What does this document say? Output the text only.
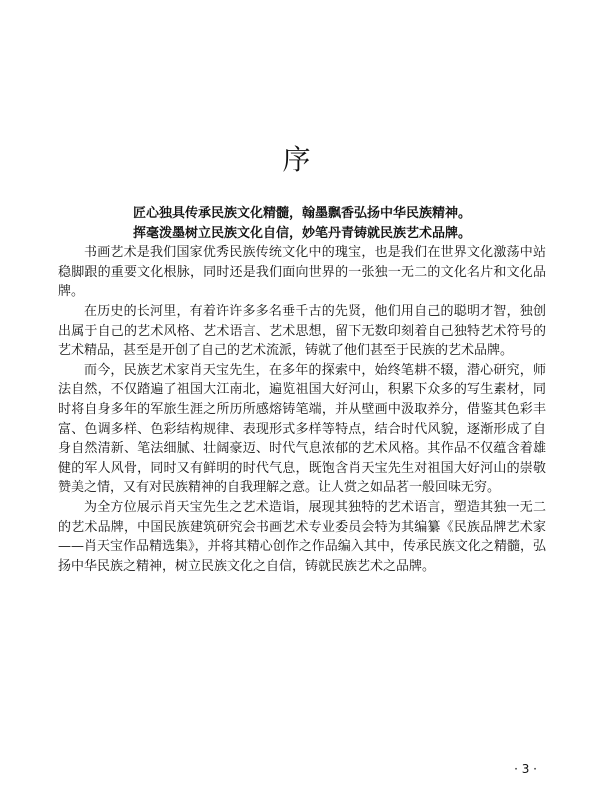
序

匠心独具传承民族文化精髓，翰墨飘香弘扬中华民族精神。

挥毫泼墨树立民族文化自信，妙笔丹青铸就民族艺术品牌。

书画艺术是我们国家优秀民族传统文化中的瑰宝，也是我们在世界文化激荡中站稳脚跟的重要文化根脉，同时还是我们面向世界的一张独一无二的文化名片和文化品牌。

在历史的长河里，有着许许多多名垂千古的先贤，他们用自己的聪明才智，独创出属于自己的艺术风格、艺术语言、艺术思想，留下无数印刻着自己独特艺术符号的艺术精品，甚至是开创了自己的艺术流派，铸就了他们甚至于民族的艺术品牌。

而今，民族艺术家肖天宝先生，在多年的探索中，始终笔耕不辍，潜心研究，师法自然，不仅踏遍了祖国大江南北，遍览祖国大好河山，积累下众多的写生素材，同时将自身多年的军旅生涯之所历所感熔铸笔端，并从壁画中汲取养分，借鉴其色彩丰富、色调多样、色彩结构规律、表现形式多样等特点，结合时代风貌，逐渐形成了自身自然清新、笔法细腻、壮阔豪迈、时代气息浓郁的艺术风格。其作品不仅蕴含着雄健的军人风骨，同时又有鲜明的时代气息，既饱含肖天宝先生对祖国大好河山的崇敬赞美之情，又有对民族精神的自我理解之意。让人赏之如品茗一般回味无穷。

为全方位展示肖天宝先生之艺术造诣，展现其独特的艺术语言，塑造其独一无二的艺术品牌，中国民族建筑研究会书画艺术专业委员会特为其编纂《民族品牌艺术家——肖天宝作品精选集》，并将其精心创作之作品编入其中，传承民族文化之精髓，弘扬中华民族之精神，树立民族文化之自信，铸就民族艺术之品牌。

· 3 ·
